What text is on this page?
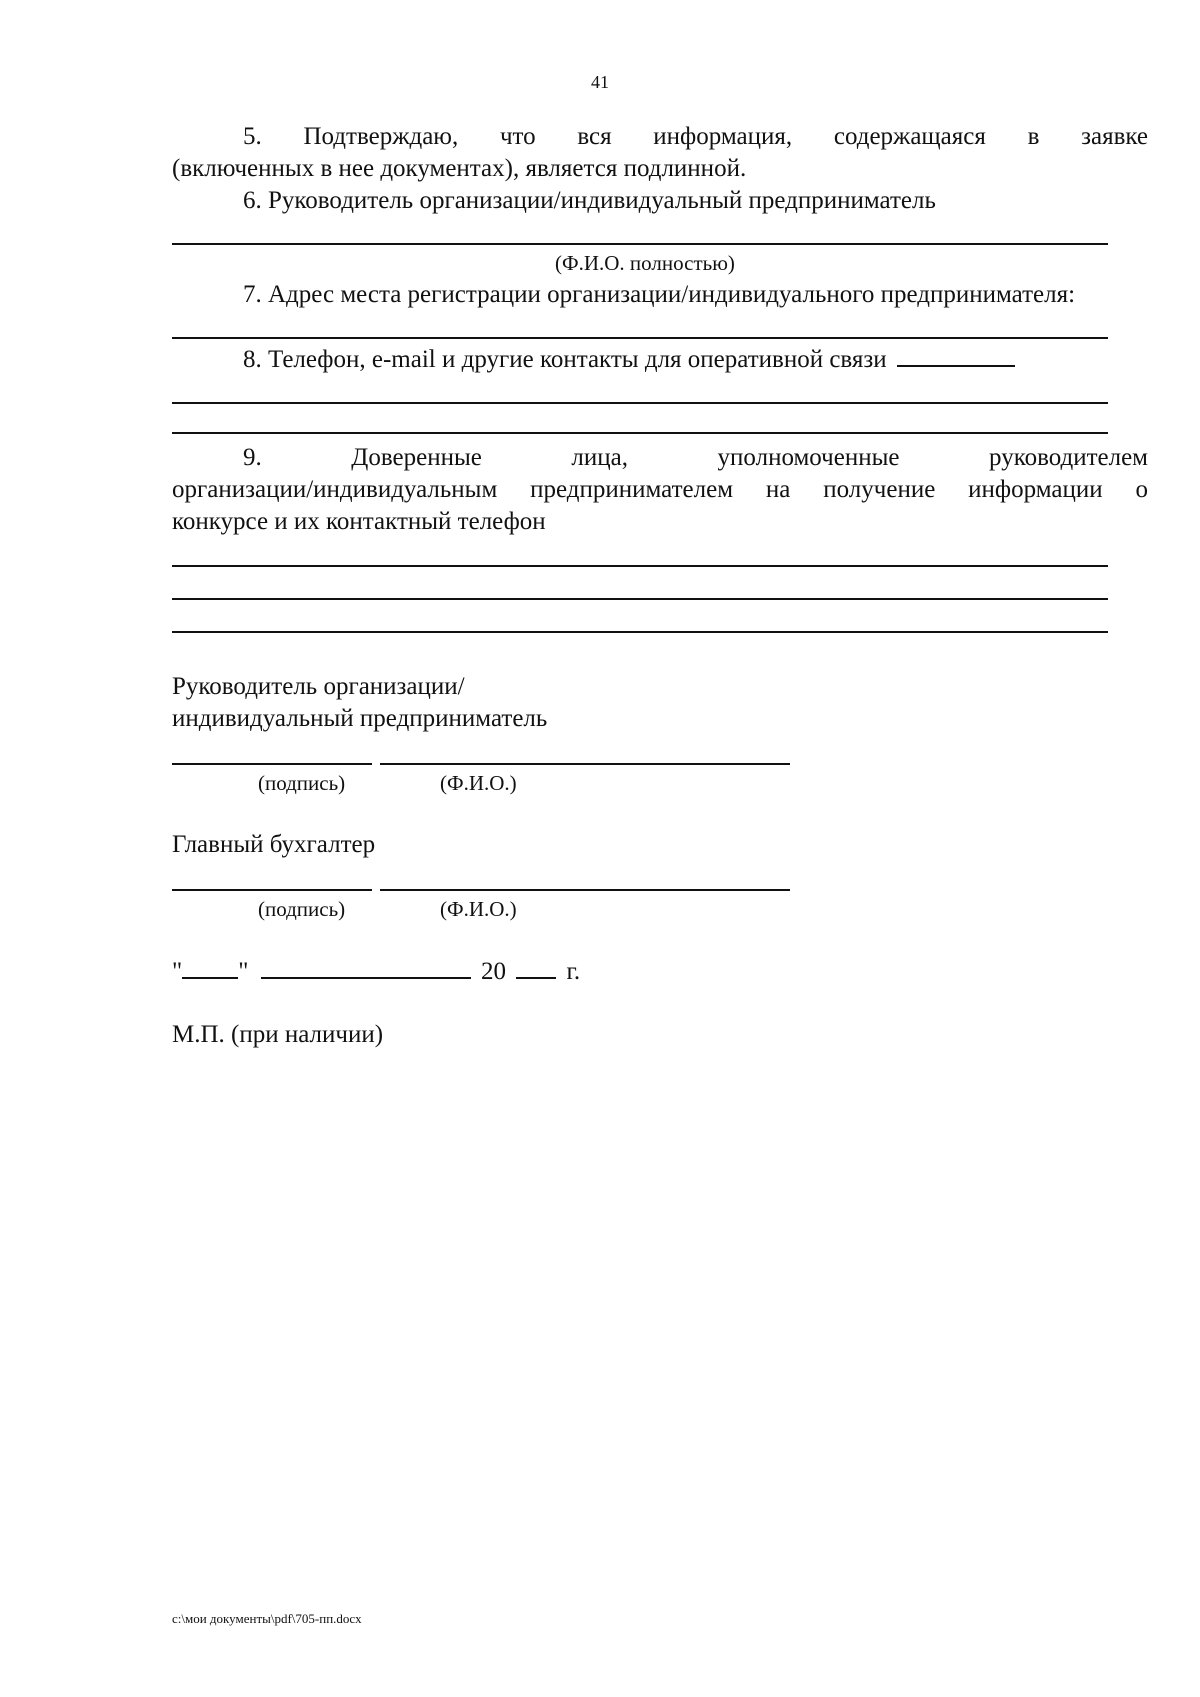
41
5. Подтверждаю, что вся информация, содержащаяся в заявке
(включенных в нее документах), является подлинной.
6. Руководитель организации/индивидуальный предприниматель
(Ф.И.О. полностью)
7. Адрес места регистрации организации/индивидуального предпринимателя:
8. Телефон, e-mail и другие контакты для оперативной связи
9. Доверенные лица, уполномоченные руководителем
организации/индивидуальным предпринимателем на получение информации о
конкурсе и их контактный телефон
Руководитель организации/
индивидуальный предприниматель
(подпись)	(Ф.И.О.)
Главный бухгалтер
(подпись)	(Ф.И.О.)
" "	20 г.
М.П. (при наличии)
c:\мои документы\pdf\705-пп.docx
